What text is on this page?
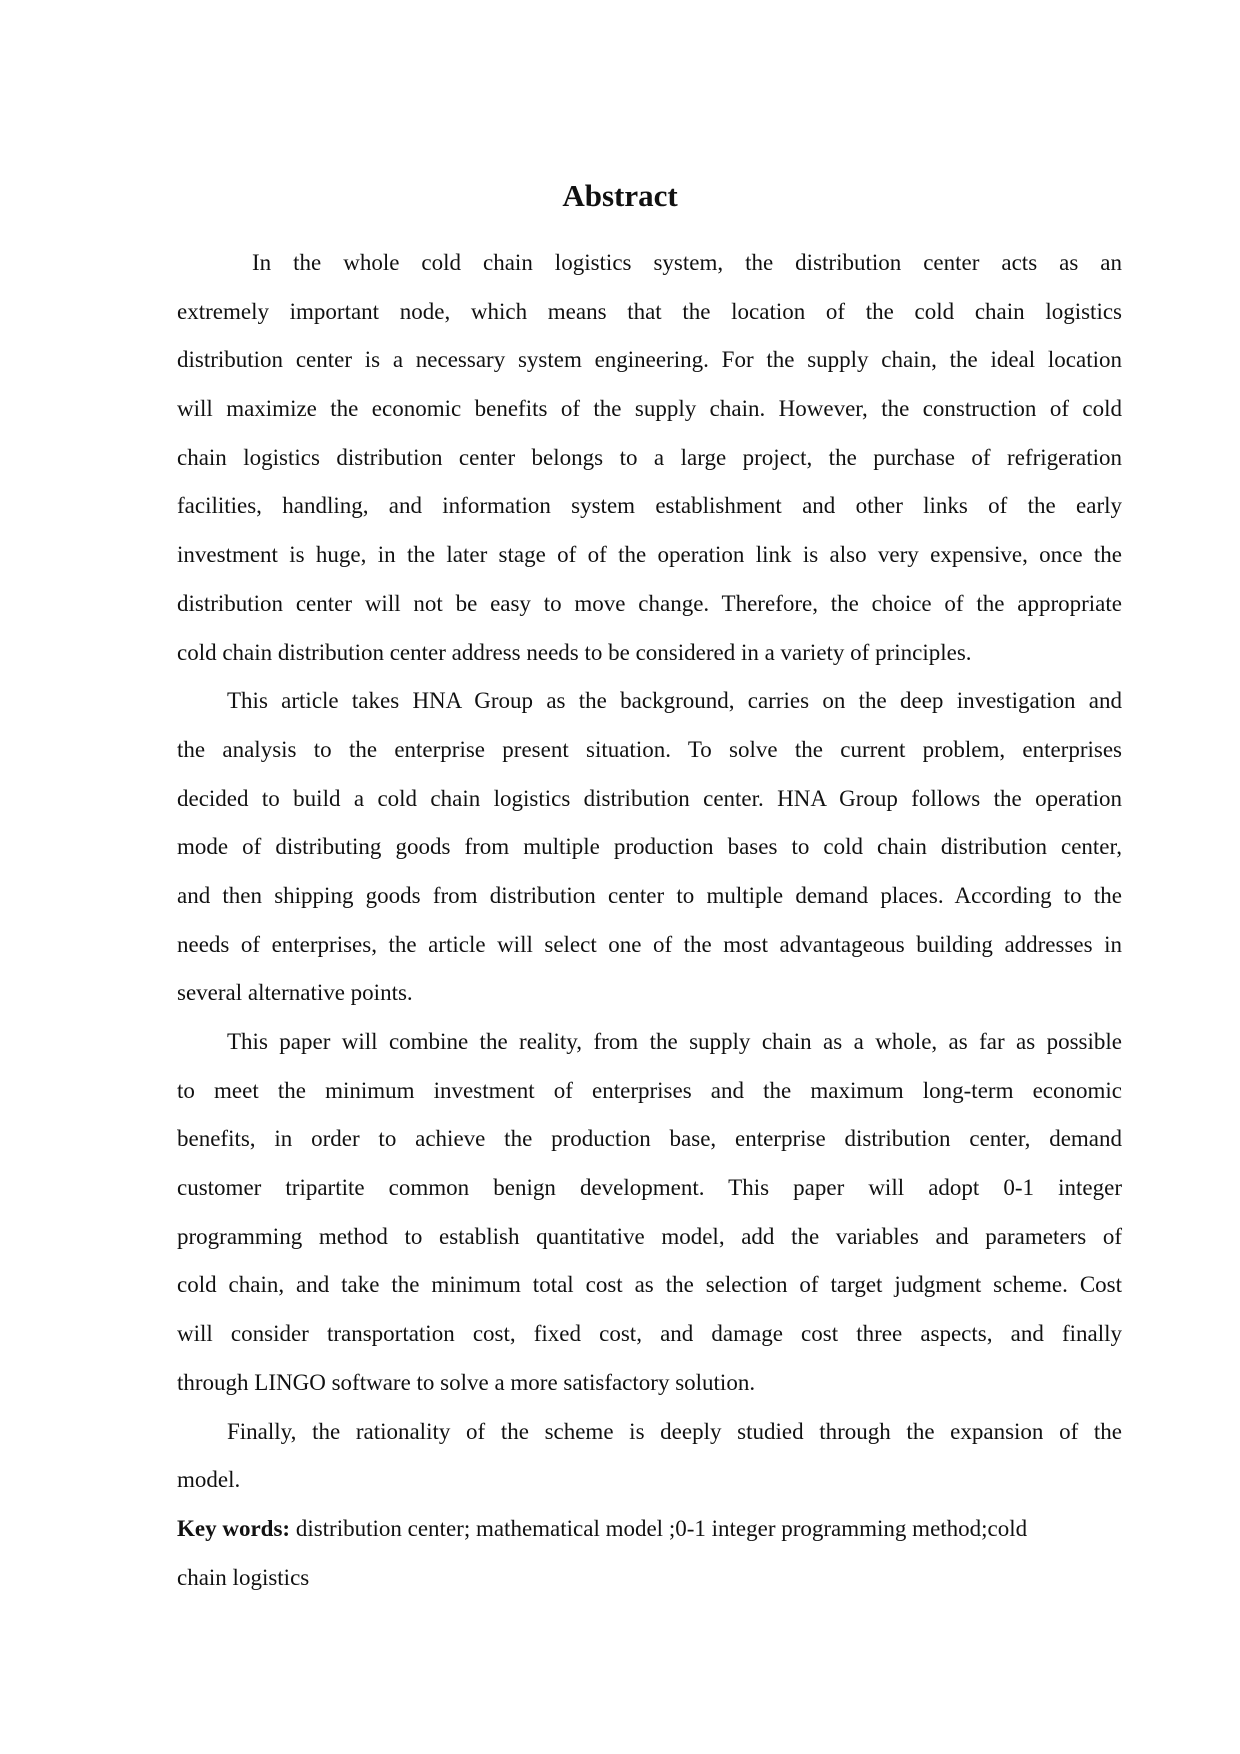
Abstract
In the whole cold chain logistics system, the distribution center acts as an
extremely important node, which means that the location of the cold chain logistics
distribution center is a necessary system engineering. For the supply chain, the ideal location
will maximize the economic benefits of the supply chain. However, the construction of cold
chain logistics distribution center belongs to a large project, the purchase of refrigeration
facilities, handling, and information system establishment and other links of the early
investment is huge, in the later stage of of the operation link is also very expensive, once the
distribution center will not be easy to move change. Therefore, the choice of the appropriate
cold chain distribution center address needs to be considered in a variety of principles.
This article takes HNA Group as the background, carries on the deep investigation and
the analysis to the enterprise present situation. To solve the current problem, enterprises
decided to build a cold chain logistics distribution center. HNA Group follows the operation
mode of distributing goods from multiple production bases to cold chain distribution center,
and then shipping goods from distribution center to multiple demand places. According to the
needs of enterprises, the article will select one of the most advantageous building addresses in
several alternative points.
This paper will combine the reality, from the supply chain as a whole, as far as possible
to meet the minimum investment of enterprises and the maximum long-term economic
benefits, in order to achieve the production base, enterprise distribution center, demand
customer tripartite common benign development. This paper will adopt 0-1 integer
programming method to establish quantitative model, add the variables and parameters of
cold chain, and take the minimum total cost as the selection of target judgment scheme. Cost
will consider transportation cost, fixed cost, and damage cost three aspects, and finally
through LINGO software to solve a more satisfactory solution.
Finally, the rationality of the scheme is deeply studied through the expansion of the
model.
Key words: distribution center; mathematical model ;0-1 integer programming method;cold
chain logistics
